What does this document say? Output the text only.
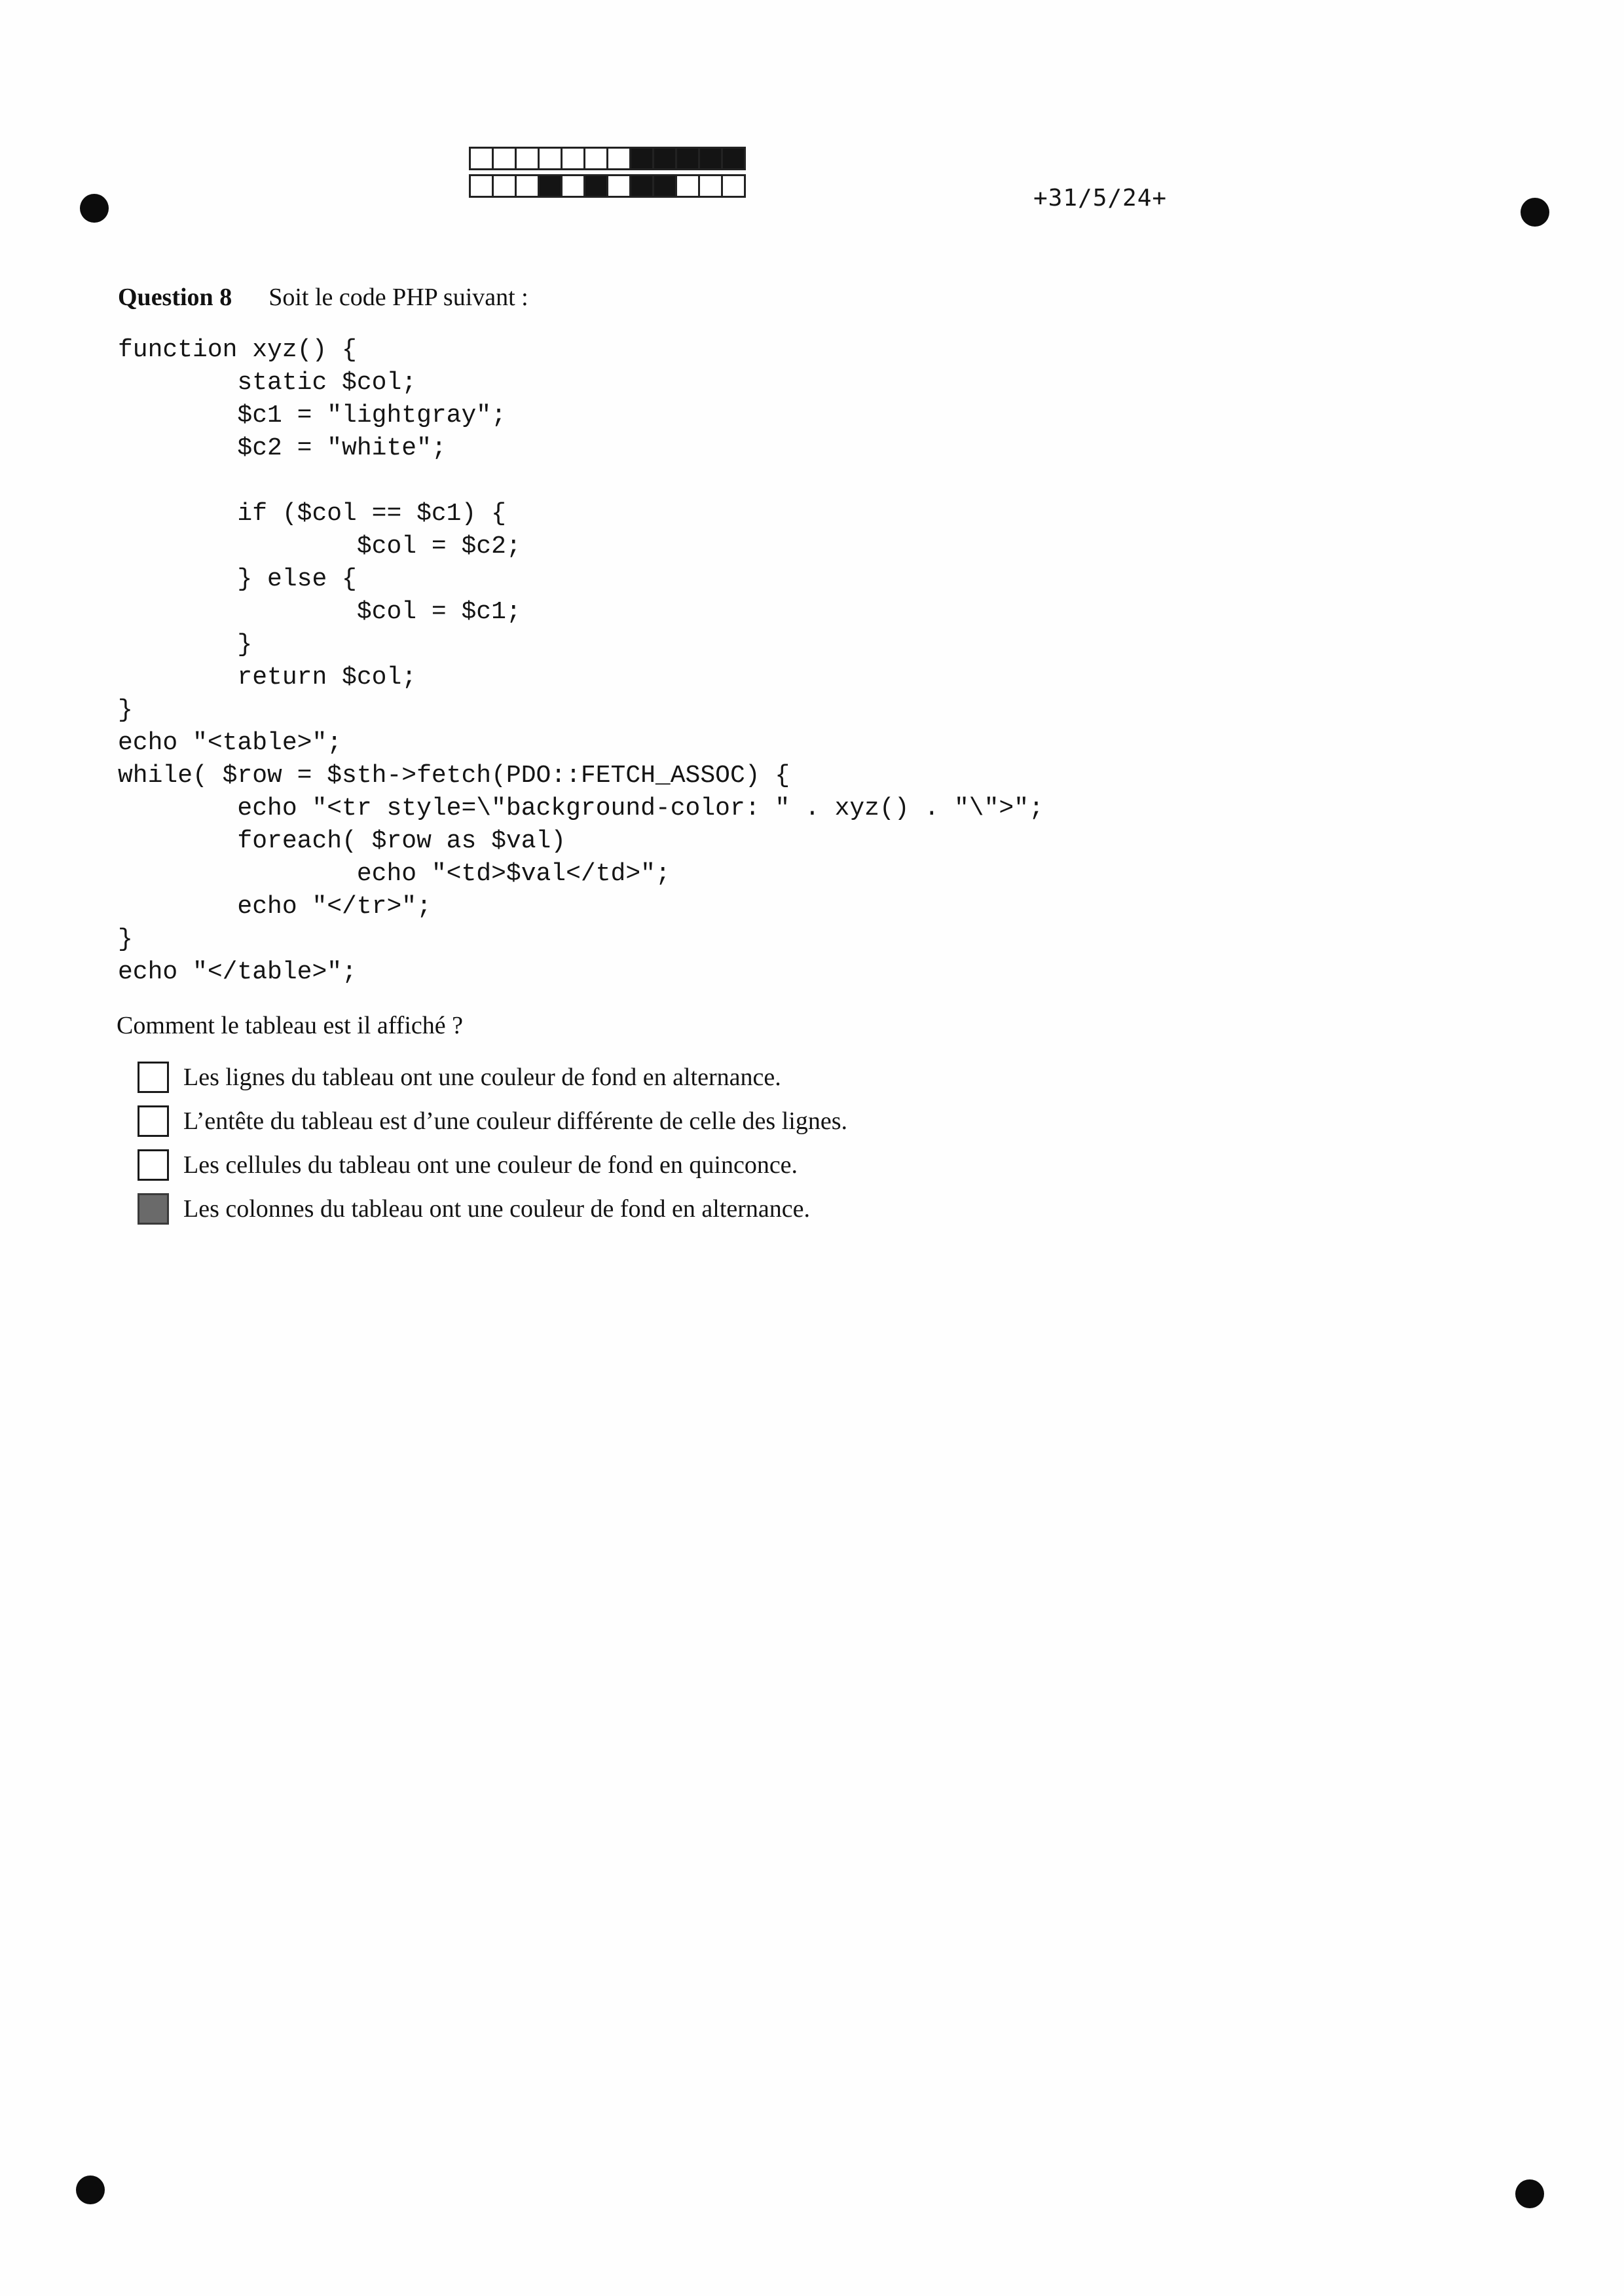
+31/5/24+
Question 8 Soit le code PHP suivant :
function xyz() {
static $col;
$c1 = "lightgray";
$c2 = "white";

if ($col == $c1) {
$col = $c2;
} else {
$col = $c1;
}
return $col;
}
echo "<table>";
while( $row = $sth->fetch(PDO::FETCH_ASSOC) {
echo "<tr style=\"background-color: " . xyz() . "\">";
foreach( $row as $val)
echo "<td>$val</td>";
echo "</tr>";
}
echo "</table>";
Comment le tableau est il affiché ?
Les lignes du tableau ont une couleur de fond en alternance.
L’entête du tableau est d’une couleur différente de celle des lignes.
Les cellules du tableau ont une couleur de fond en quinconce.
Les colonnes du tableau ont une couleur de fond en alternance.
